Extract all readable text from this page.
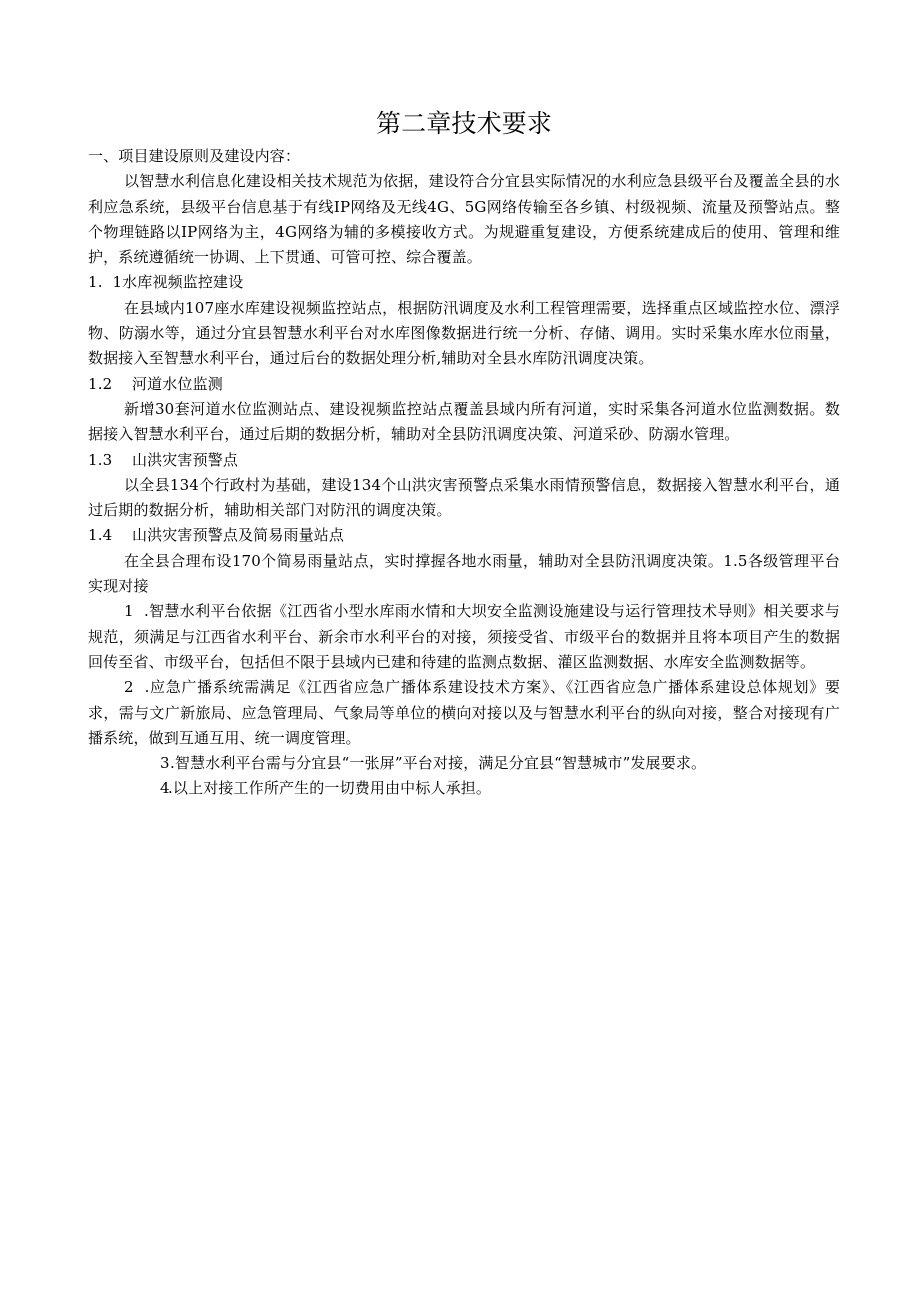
第二章技术要求

一、项目建设原则及建设内容：

以智慧水利信息化建设相关技术规范为依据，建设符合分宜县实际情况的水利应急县级平台及覆盖全县的水利应急系统，县级平台信息基于有线IP网络及无线4G、5G网络传输至各乡镇、村级视频、流量及预警站点。整个物理链路以IP网络为主，4G网络为辅的多模接收方式。为规避重复建设，方便系统建成后的使用、管理和维护，系统遵循统一协调、上下贯通、可管可控、综合覆盖。

1.  1水库视频监控建设

在县域内107座水库建设视频监控站点，根据防汛调度及水利工程管理需要，选择重点区域监控水位、漂浮物、防溺水等，通过分宜县智慧水利平台对水库图像数据进行统一分析、存储、调用。实时采集水库水位雨量，数据接入至智慧水利平台，通过后台的数据处理分析,辅助对全县水库防汛调度决策。

1.2    河道水位监测

新增30套河道水位监测站点、建设视频监控站点覆盖县域内所有河道，实时采集各河道水位监测数据。数据接入智慧水利平台，通过后期的数据分析，辅助对全县防汛调度决策、河道采砂、防溺水管理。

1.3    山洪灾害预警点

以全县134个行政村为基础，建设134个山洪灾害预警点采集水雨情预警信息，数据接入智慧水利平台，通过后期的数据分析，辅助相关部门对防汛的调度决策。

1.4    山洪灾害预警点及简易雨量站点

在全县合理布设170个简易雨量站点，实时撑握各地水雨量，辅助对全县防汛调度决策。1.5各级管理平台实现对接

1  .智慧水利平台依据《江西省小型水库雨水情和大坝安全监测设施建设与运行管理技术导则》相关要求与规范，须满足与江西省水利平台、新余市水利平台的对接，须接受省、市级平台的数据并且将本项目产生的数据回传至省、市级平台，包括但不限于县域内已建和待建的监测点数据、灌区监测数据、水库安全监测数据等。

2  .应急广播系统需满足《江西省应急广播体系建设技术方案》、《江西省应急广播体系建设总体规划》要求，需与文广新旅局、应急管理局、气象局等单位的横向对接以及与智慧水利平台的纵向对接，整合对接现有广播系统，做到互通互用、统一调度管理。

3.智慧水利平台需与分宜县“一张屏”平台对接，满足分宜县“智慧城市”发展要求。

4.以上对接工作所产生的一切费用由中标人承担。
